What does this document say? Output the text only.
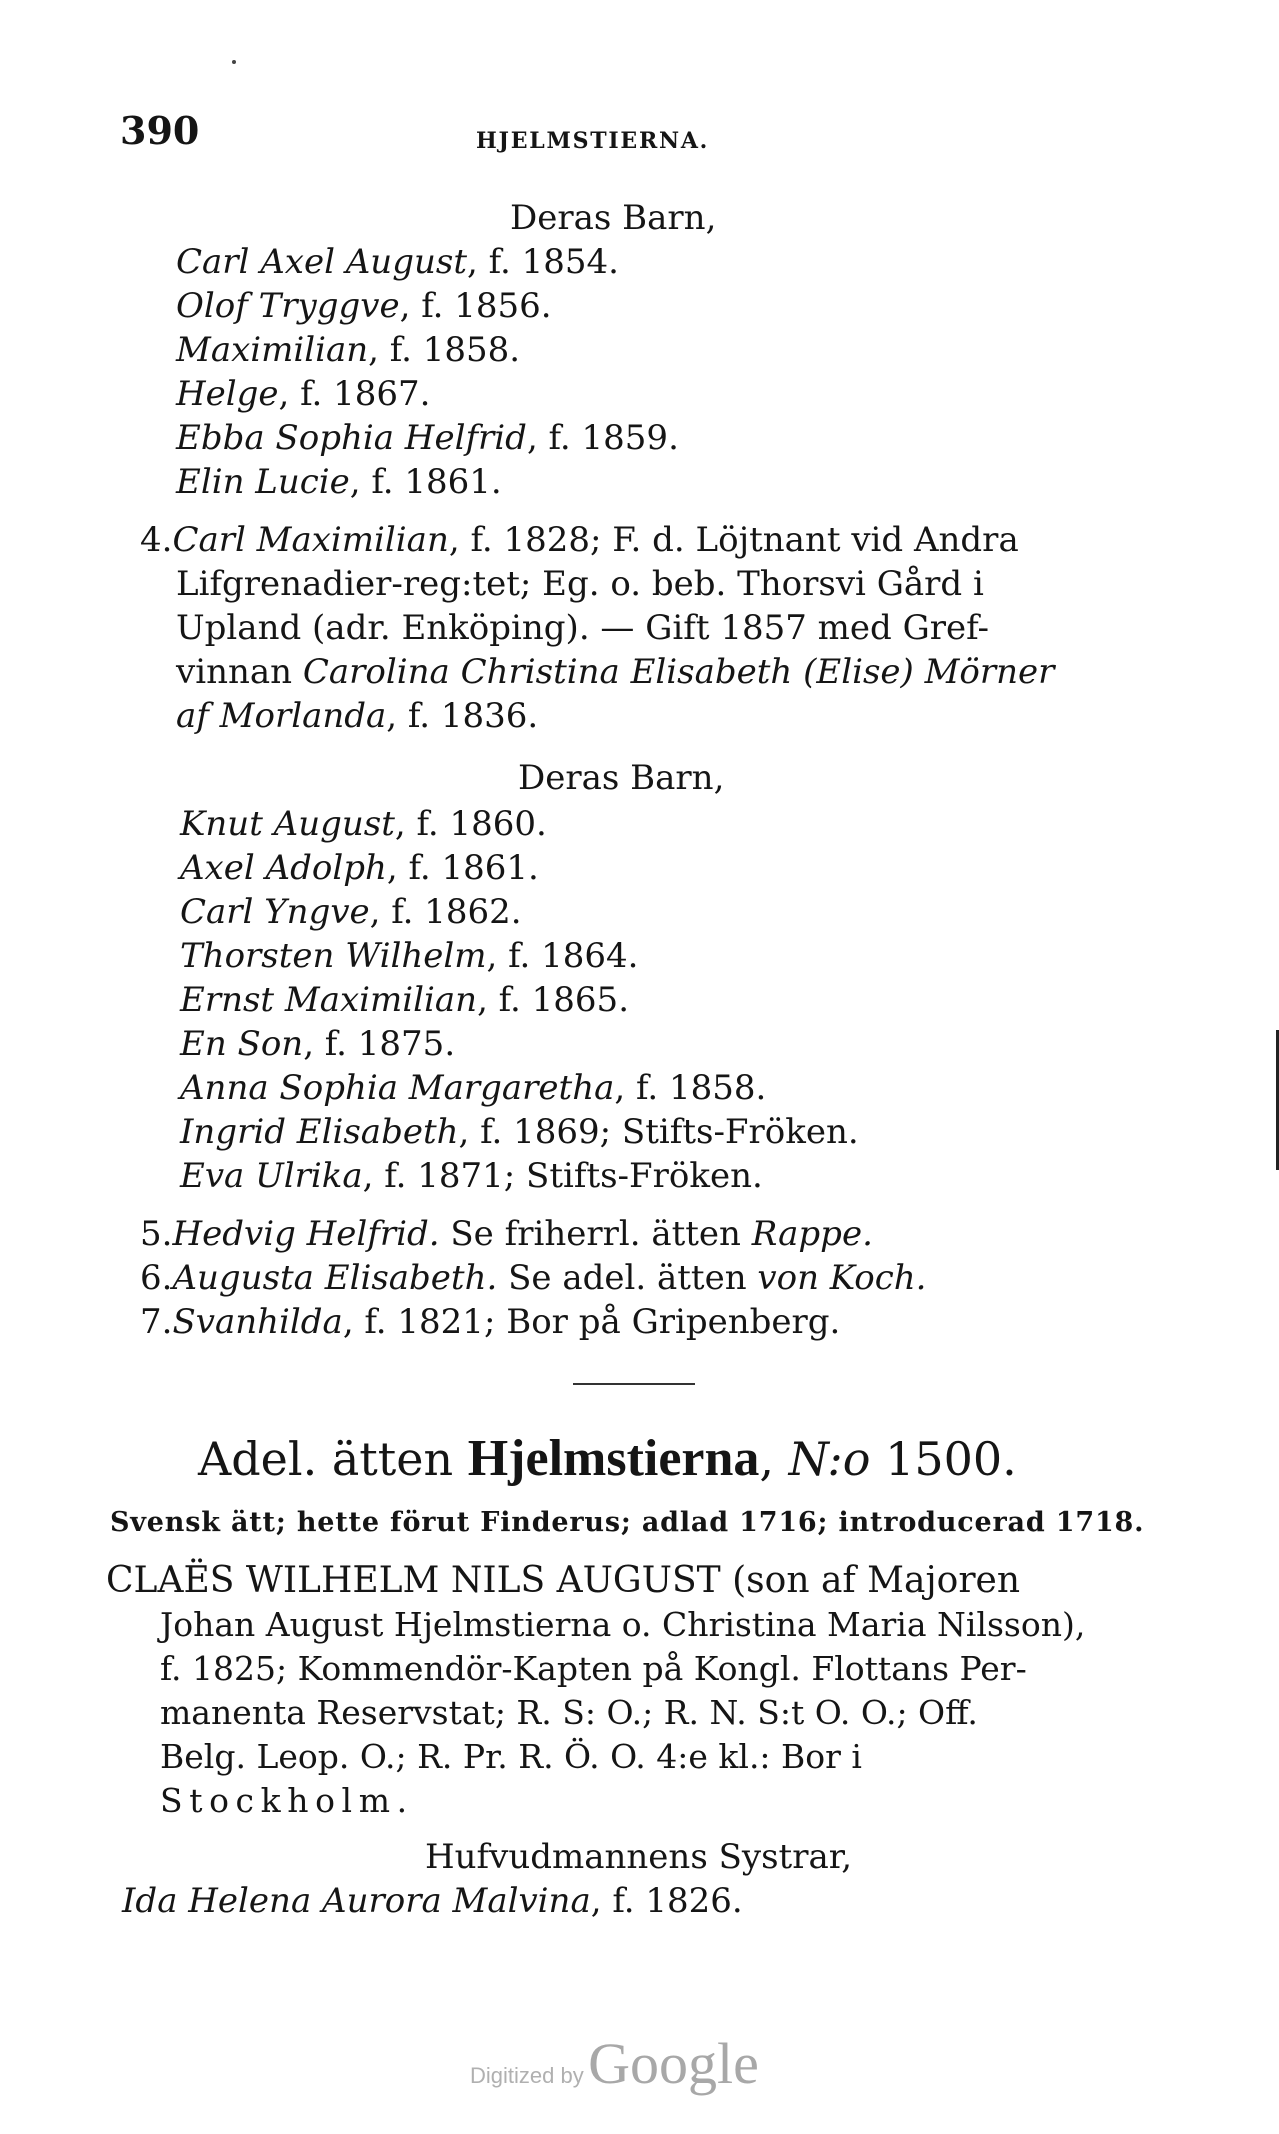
390	HJELMSTIERNA.
Deras Barn,
Carl Axel August, f. 1854.
Olof Tryggve, f. 1856.
Maximilian, f. 1858.
Helge, f. 1867.
Ebba Sophia Helfrid, f. 1859.
Elin Lucie, f. 1861.
4.Carl Maximilian, f. 1828; F. d. Löjtnant vid Andra
Lifgrenadier-reg:tet; Eg. o. beb. Thorsvi Gård i
Upland (adr. Enköping). — Gift 1857 med Gref-
vinnan Carolina Christina Elisabeth (Elise) Mörner
af Morlanda, f. 1836.
Deras Barn,
Knut August, f. 1860.
Axel Adolph, f. 1861.
Carl Yngve, f. 1862.
Thorsten Wilhelm, f. 1864.
Ernst Maximilian, f. 1865.
En Son, f. 1875.
Anna Sophia Margaretha, f. 1858.
Ingrid Elisabeth, f. 1869; Stifts-Fröken.
Eva Ulrika, f. 1871; Stifts-Fröken.
5.Hedvig Helfrid. Se friherrl. ätten Rappe.
6.Augusta Elisabeth. Se adel. ätten von Koch.
7.Svanhilda, f. 1821; Bor på Gripenberg.
Adel. ätten Hjelmstierna, N:o 1500.
Svensk ätt; hette förut Finderus; adlad 1716; introducerad 1718.
CLAËS WILHELM NILS AUGUST (son af Majoren
Johan August Hjelmstierna o. Christina Maria Nilsson),
f. 1825; Kommendör-Kapten på Kongl. Flottans Per-
manenta Reservstat; R. S: O.; R. N. S:t O. O.; Off.
Belg. Leop. O.; R. Pr. R. Ö. O. 4:e kl.: Bor i
Stockholm.
Hufvudmannens Systrar,
Ida Helena Aurora Malvina, f. 1826.
Digitized by Google
